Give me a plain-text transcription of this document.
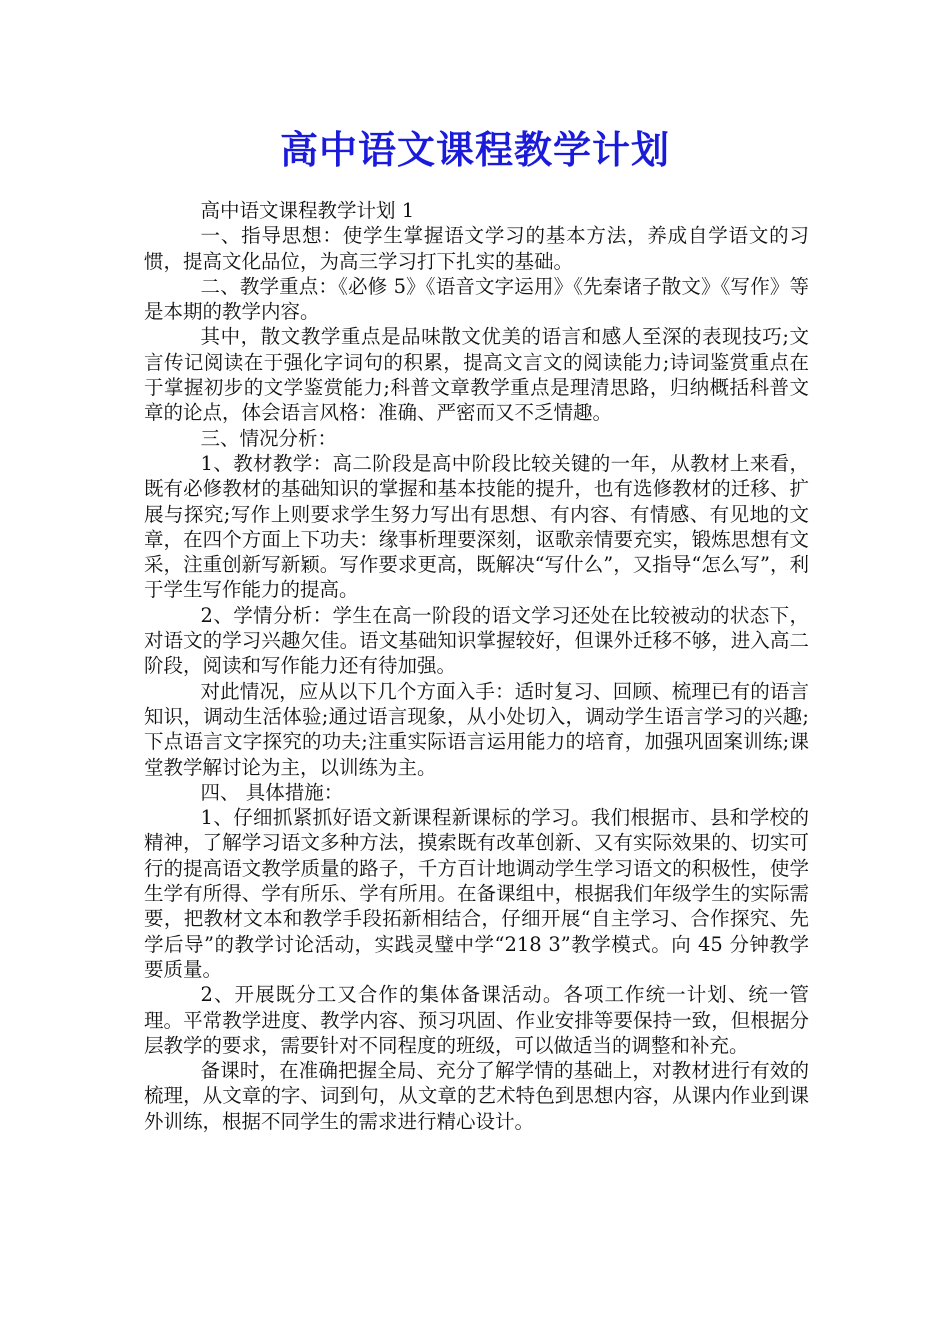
高中语文课程教学计划

高中语文课程教学计划 1

一、指导思想：使学生掌握语文学习的基本方法，养成自学语文的习惯，提高文化品位，为高三学习打下扎实的基础。

二、教学重点：《必修 5》《语音文字运用》《先秦诸子散文》《写作》等是本期的教学内容。

其中，散文教学重点是品味散文优美的语言和感人至深的表现技巧;文言传记阅读在于强化字词句的积累，提高文言文的阅读能力;诗词鉴赏重点在于掌握初步的文学鉴赏能力;科普文章教学重点是理清思路，归纳概括科普文章的论点，体会语言风格：准确、严密而又不乏情趣。

三、情况分析：

1、教材教学：高二阶段是高中阶段比较关键的一年，从教材上来看，既有必修教材的基础知识的掌握和基本技能的提升，也有选修教材的迁移、扩展与探究;写作上则要求学生努力写出有思想、有内容、有情感、有见地的文章，在四个方面上下功夫：缘事析理要深刻，讴歌亲情要充实，锻炼思想有文采，注重创新写新颖。写作要求更高，既解决“写什么”，又指导“怎么写”，利于学生写作能力的提高。

2、学情分析：学生在高一阶段的语文学习还处在比较被动的状态下，对语文的学习兴趣欠佳。语文基础知识掌握较好，但课外迁移不够，进入高二阶段，阅读和写作能力还有待加强。

对此情况，应从以下几个方面入手：适时复习、回顾、梳理已有的语言知识，调动生活体验;通过语言现象，从小处切入，调动学生语言学习的兴趣;下点语言文字探究的功夫;注重实际语言运用能力的培育，加强巩固案训练;课堂教学解讨论为主，以训练为主。

四、 具体措施：

1、仔细抓紧抓好语文新课程新课标的学习。我们根据市、县和学校的精神，了解学习语文多种方法，摸索既有改革创新、又有实际效果的、切实可行的提高语文教学质量的路子，千方百计地调动学生学习语文的积极性，使学生学有所得、学有所乐、学有所用。在备课组中，根据我们年级学生的实际需要，把教材文本和教学手段拓新相结合，仔细开展“自主学习、合作探究、先学后导”的教学讨论活动，实践灵璧中学“218 3”教学模式。向 45 分钟教学要质量。

2、开展既分工又合作的集体备课活动。各项工作统一计划、统一管理。平常教学进度、教学内容、预习巩固、作业安排等要保持一致，但根据分层教学的要求，需要针对不同程度的班级，可以做适当的调整和补充。

备课时，在准确把握全局、充分了解学情的基础上，对教材进行有效的梳理，从文章的字、词到句，从文章的艺术特色到思想内容，从课内作业到课外训练，根据不同学生的需求进行精心设计。
